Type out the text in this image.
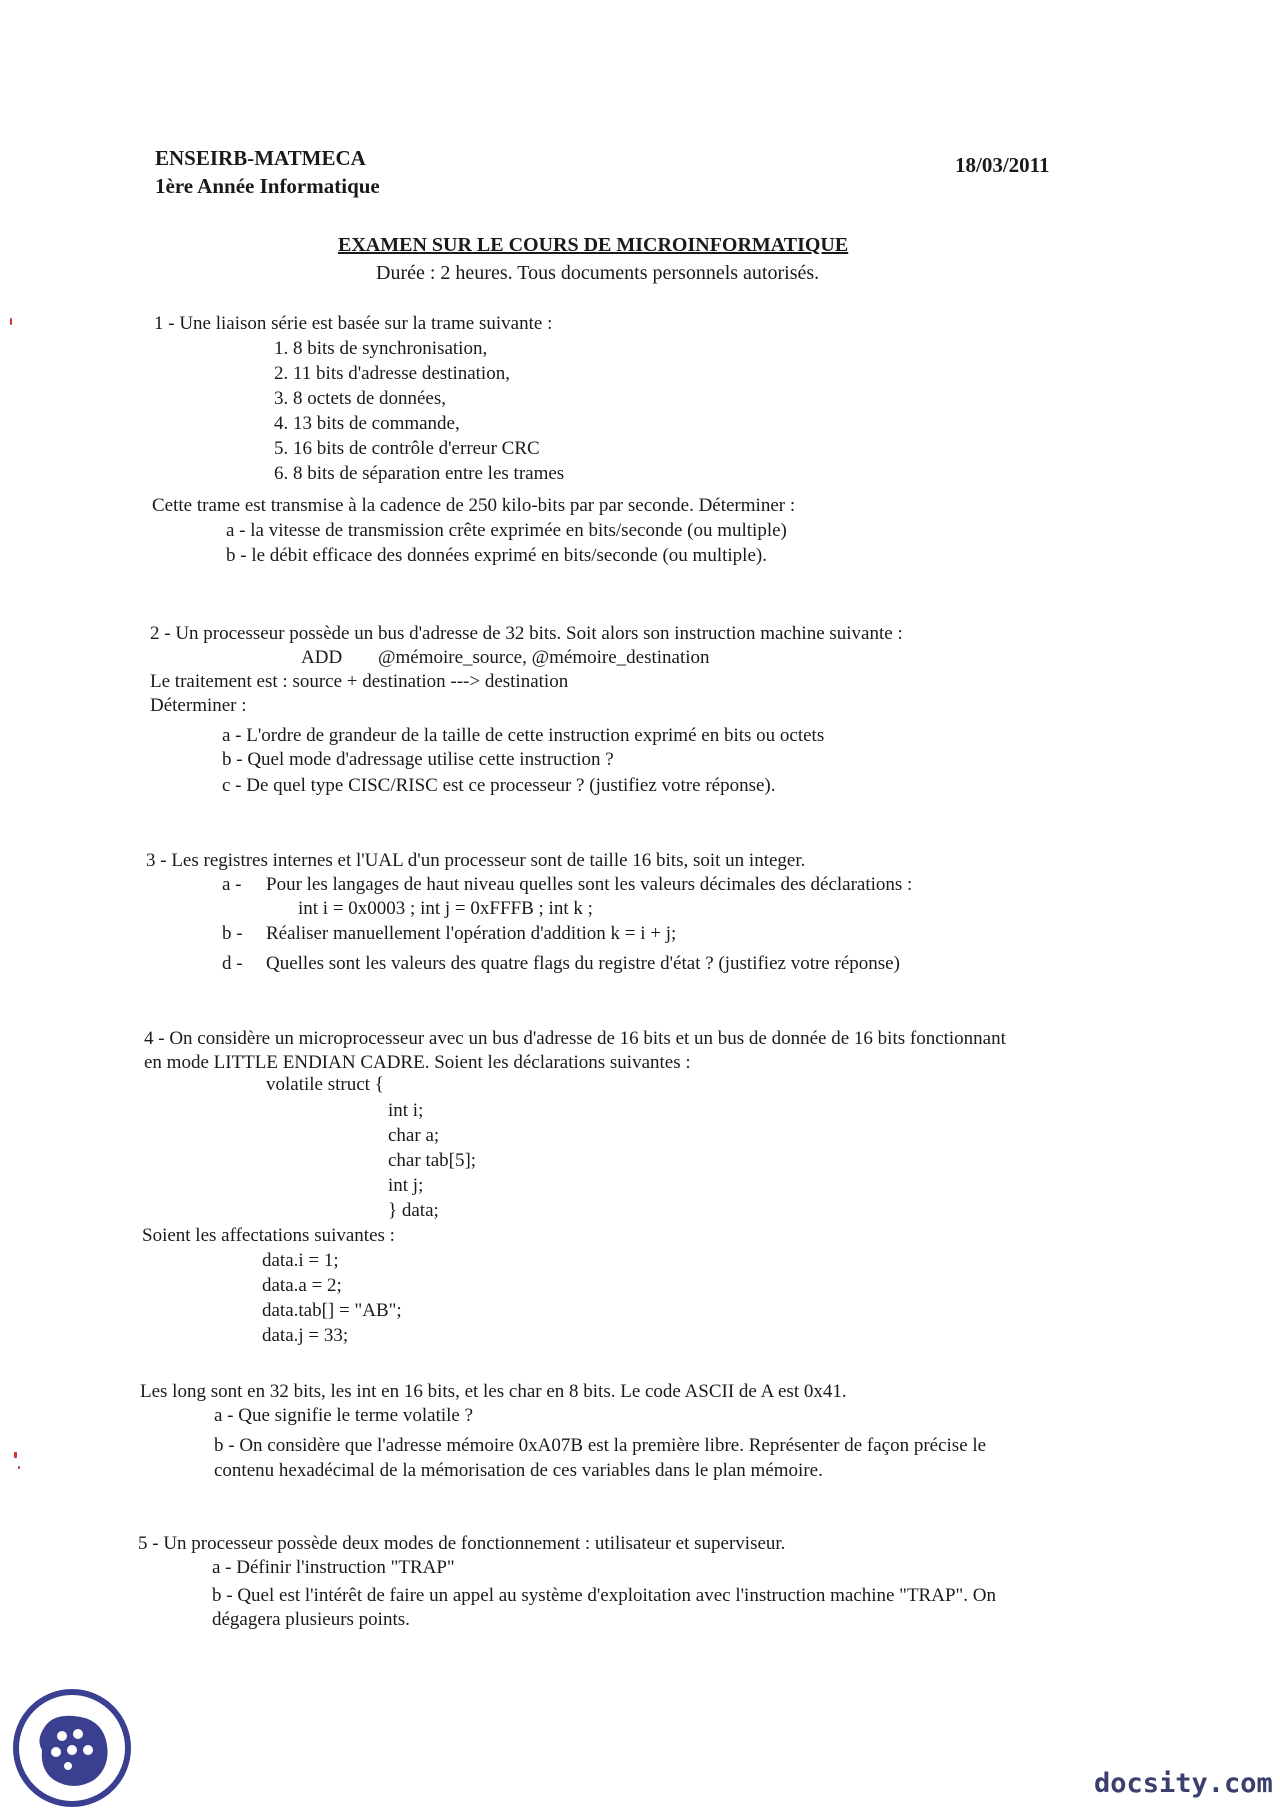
ENSEIRB-MATMECA
1ère Année Informatique
18/03/2011
EXAMEN SUR LE COURS DE MICROINFORMATIQUE
Durée : 2 heures. Tous documents personnels autorisés.
1 - Une liaison série est basée sur la trame suivante :
1. 8 bits de synchronisation,
2. 11 bits d'adresse destination,
3. 8 octets de données,
4. 13 bits de commande,
5. 16 bits de contrôle d'erreur CRC
6. 8 bits de séparation entre les trames
Cette trame est transmise à la cadence de 250 kilo-bits par par seconde. Déterminer :
a - la vitesse de transmission crête exprimée en bits/seconde (ou multiple)
b - le débit efficace des données exprimé en bits/seconde (ou multiple).
2 - Un processeur possède un bus d'adresse de 32 bits. Soit alors son instruction machine suivante :
ADD @mémoire_source, @mémoire_destination
Le traitement est : source + destination ---> destination
Déterminer :
a - L'ordre de grandeur de la taille de cette instruction exprimé en bits ou octets
b - Quel mode d'adressage utilise cette instruction ?
c - De quel type CISC/RISC est ce processeur ? (justifiez votre réponse).
3 - Les registres internes et l'UAL d'un processeur sont de taille 16 bits, soit un integer.
a - Pour les langages de haut niveau quelles sont les valeurs décimales des déclarations :
int i = 0x0003 ; int j = 0xFFFB ; int k ;
b - Réaliser manuellement l'opération d'addition k = i + j;
d - Quelles sont les valeurs des quatre flags du registre d'état ? (justifiez votre réponse)
4 - On considère un microprocesseur avec un bus d'adresse de 16 bits et un bus de donnée de 16 bits fonctionnant
en mode LITTLE ENDIAN CADRE. Soient les déclarations suivantes :
volatile struct {
int i;
char a;
char tab[5];
int j;
} data;
Soient les affectations suivantes :
data.i = 1;
data.a = 2;
data.tab[] = "AB";
data.j = 33;
Les long sont en 32 bits, les int en 16 bits, et les char en 8 bits. Le code ASCII de A est 0x41.
a - Que signifie le terme volatile ?
b - On considère que l'adresse mémoire 0xA07B est la première libre. Représenter de façon précise le
contenu hexadécimal de la mémorisation de ces variables dans le plan mémoire.
5 - Un processeur possède deux modes de fonctionnement : utilisateur et superviseur.
a - Définir l'instruction "TRAP"
b - Quel est l'intérêt de faire un appel au système d'exploitation avec l'instruction machine "TRAP". On
dégagera plusieurs points.
docsity.com
